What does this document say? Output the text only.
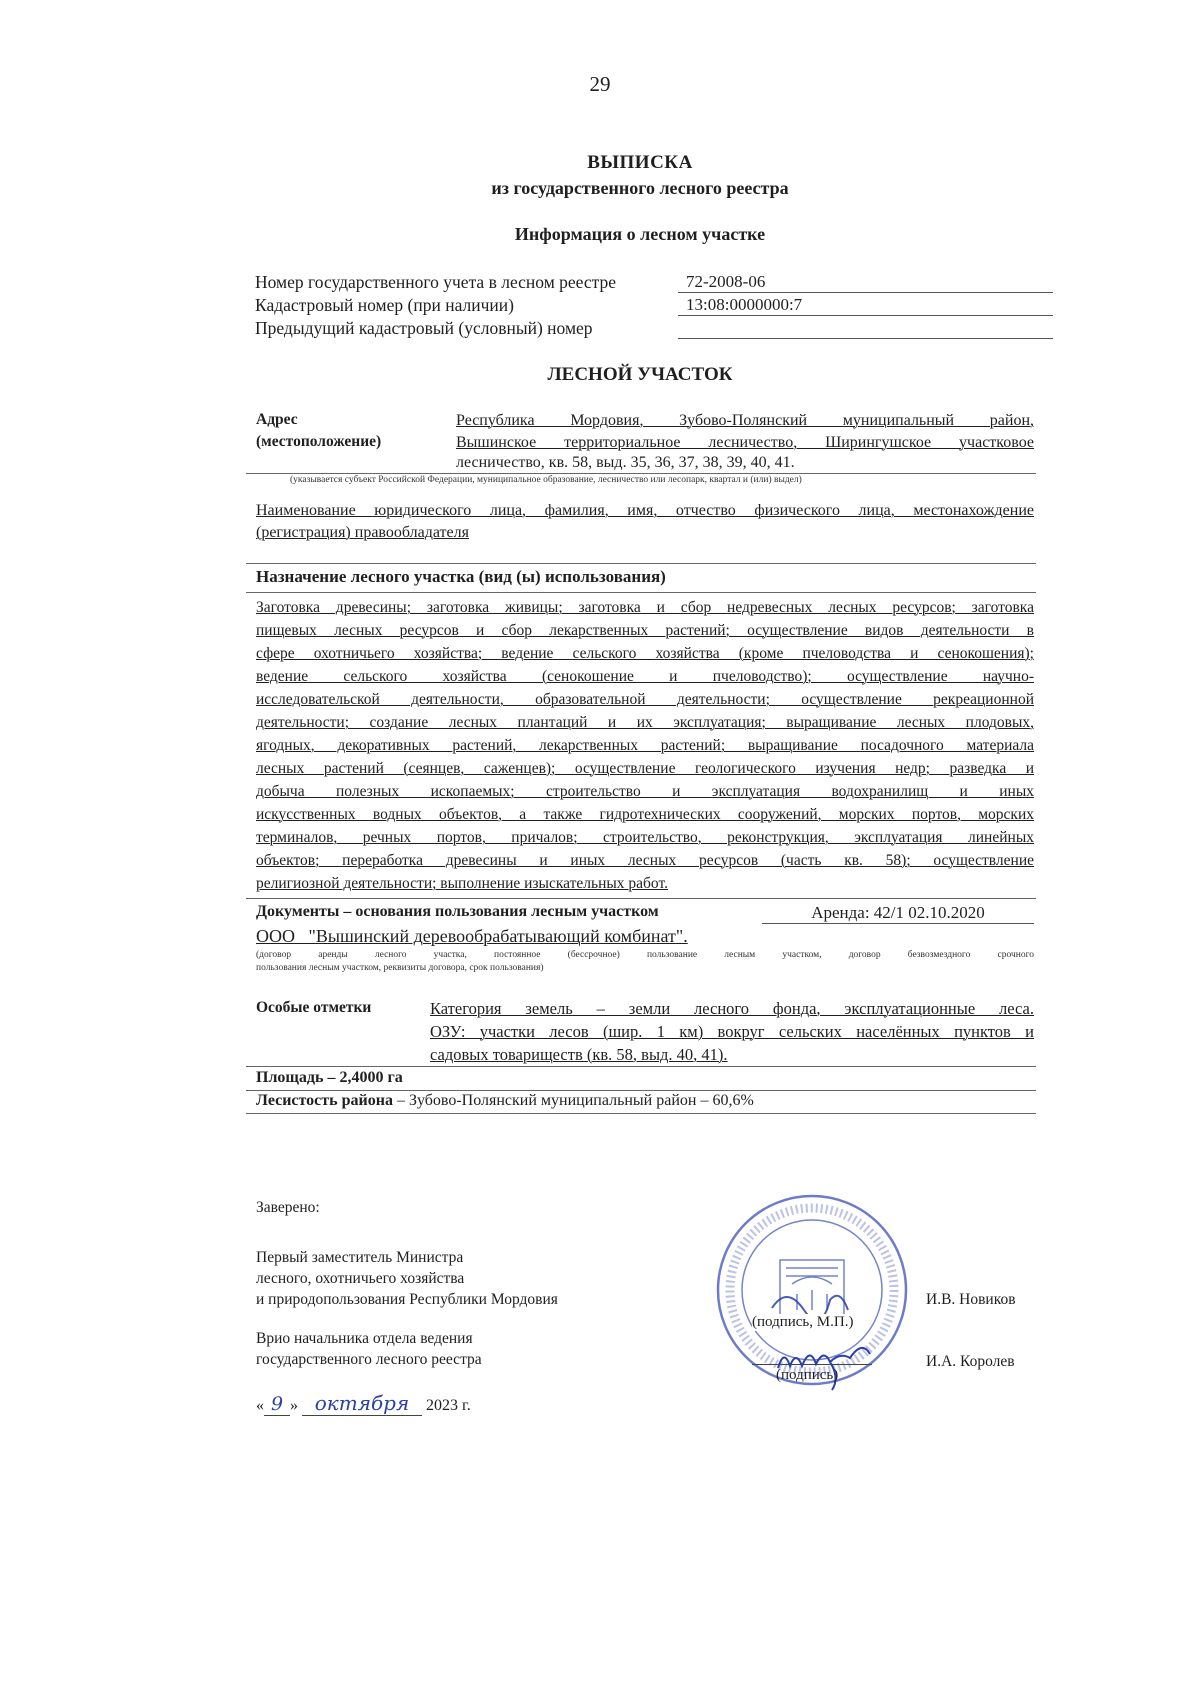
29
ВЫПИСКА
из государственного лесного реестра
Информация о лесном участке
Номер государственного учета в лесном реестре	72-2008-06
Кадастровый номер (при наличии)	13:08:0000000:7
Предыдущий кадастровый (условный) номер
ЛЕСНОЙ УЧАСТОК
Адрес
(местоположение)
Республика Мордовия, Зубово-Полянский муниципальный район,
Вышинское территориальное лесничество, Ширингушское участковое
лесничество, кв. 58, выд. 35, 36, 37, 38, 39, 40, 41.
(указывается субъект Российской Федерации, муниципальное образование, лесничество или лесопарк, квартал и (или) выдел)
Наименование юридического лица, фамилия, имя, отчество физического лица, местонахождение
(регистрация) правообладателя
Назначение лесного участка (вид (ы) использования)

Заготовка древесины; заготовка живицы; заготовка и сбор недревесных лесных ресурсов; заготовка

пищевых лесных ресурсов и сбор лекарственных растений; осуществление видов деятельности в

сфере охотничьего хозяйства; ведение сельского хозяйства (кроме пчеловодства и сенокошения);

ведение сельского хозяйства (сенокошение и пчеловодство); осуществление научно-

исследовательской деятельности, образовательной деятельности; осуществление рекреационной

деятельности; создание лесных плантаций и их эксплуатация; выращивание лесных плодовых,

ягодных, декоративных растений, лекарственных растений; выращивание посадочного материала

лесных растений (сеянцев, саженцев); осуществление геологического изучения недр; разведка и

добыча полезных ископаемых; строительство и эксплуатация водохранилищ и иных

искусственных водных объектов, а также гидротехнических сооружений, морских портов, морских

терминалов, речных портов, причалов; строительство, реконструкция, эксплуатация линейных

объектов; переработка древесины и иных лесных ресурсов (часть кв. 58); осуществление

религиозной деятельности; выполнение изыскательных работ.

Документы – основания пользования лесным участком	Аренда: 42/1 02.10.2020
ООО   "Вышинский деревообрабатывающий комбинат".
(договор аренды лесного участка, постоянное (бессрочное) пользование лесным участком, договор безвозмездного срочного
пользования лесным участком, реквизиты договора, срок пользования)
Особые отметки	Категория земель – земли лесного фонда, эксплуатационные леса.
ОЗУ: участки лесов (шир. 1 км) вокруг сельских населённых пунктов и
садовых товариществ (кв. 58, выд. 40, 41).
Площадь – 2,4000 га
Лесистость района – Зубово-Полянский муниципальный район – 60,6%
Заверено:
Первый заместитель Министра
лесного, охотничьего хозяйства
и природопользования Республики Мордовия	И.В. Новиков
Врио начальника отдела ведения
государственного лесного реестра	И.А. Королев
(подпись, М.П.)
(подпись)
« 9 » октября 2023 г.
